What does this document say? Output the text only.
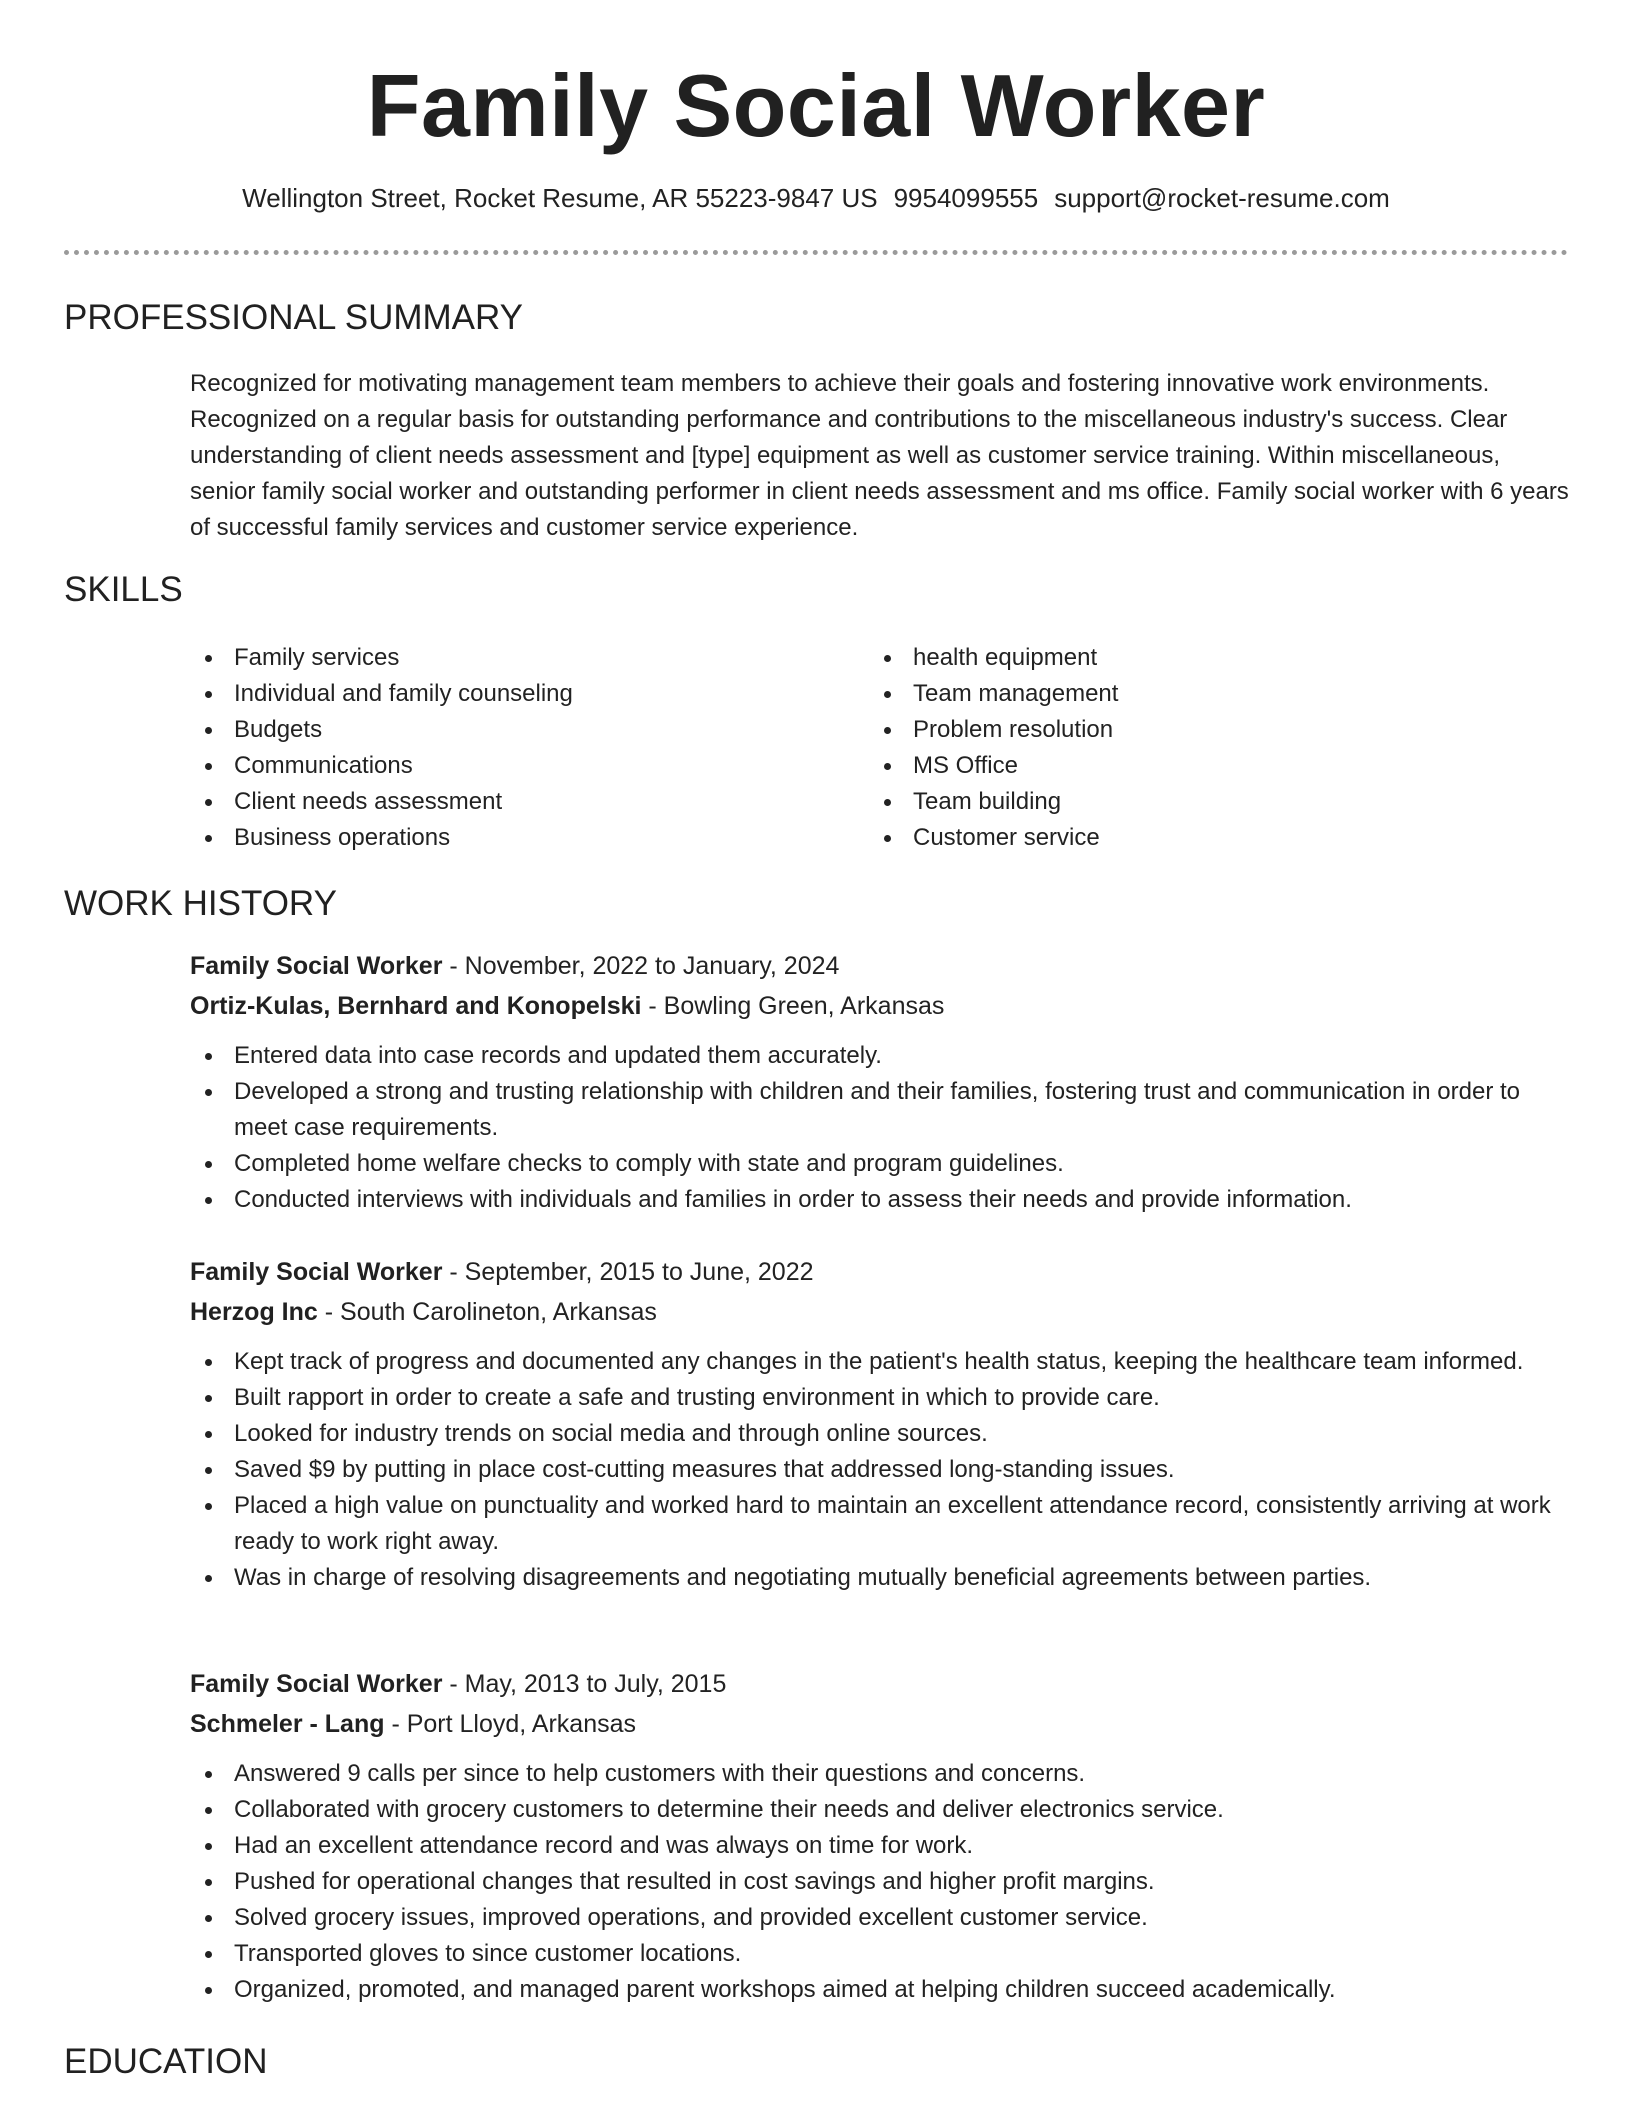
Family Social Worker
Wellington Street, Rocket Resume, AR 55223-9847 US 9954099555 support@rocket-resume.com
PROFESSIONAL SUMMARY

Recognized for motivating management team members to achieve their goals and fostering innovative work environments. Recognized on a regular basis for outstanding performance and contributions to the miscellaneous industry's success. Clear understanding of client needs assessment and [type] equipment as well as customer service training. Within miscellaneous, senior family social worker and outstanding performer in client needs assessment and ms office. Family social worker with 6 years of successful family services and customer service experience.

SKILLS
Family services
Individual and family counseling
Budgets
Communications
Client needs assessment
Business operations
health equipment
Team management
Problem resolution
MS Office
Team building
Customer service
WORK HISTORY
Family Social Worker - November, 2022 to January, 2024
Ortiz-Kulas, Bernhard and Konopelski - Bowling Green, Arkansas
Entered data into case records and updated them accurately.
Developed a strong and trusting relationship with children and their families, fostering trust and communication in order to meet case requirements.
Completed home welfare checks to comply with state and program guidelines.
Conducted interviews with individuals and families in order to assess their needs and provide information.
Family Social Worker - September, 2015 to June, 2022
Herzog Inc - South Carolineton, Arkansas
Kept track of progress and documented any changes in the patient's health status, keeping the healthcare team informed.
Built rapport in order to create a safe and trusting environment in which to provide care.
Looked for industry trends on social media and through online sources.
Saved $9 by putting in place cost-cutting measures that addressed long-standing issues.
Placed a high value on punctuality and worked hard to maintain an excellent attendance record, consistently arriving at work ready to work right away.
Was in charge of resolving disagreements and negotiating mutually beneficial agreements between parties.
Family Social Worker - May, 2013 to July, 2015
Schmeler - Lang - Port Lloyd, Arkansas
Answered 9 calls per since to help customers with their questions and concerns.
Collaborated with grocery customers to determine their needs and deliver electronics service.
Had an excellent attendance record and was always on time for work.
Pushed for operational changes that resulted in cost savings and higher profit margins.
Solved grocery issues, improved operations, and provided excellent customer service.
Transported gloves to since customer locations.
Organized, promoted, and managed parent workshops aimed at helping children succeed academically.
EDUCATION
